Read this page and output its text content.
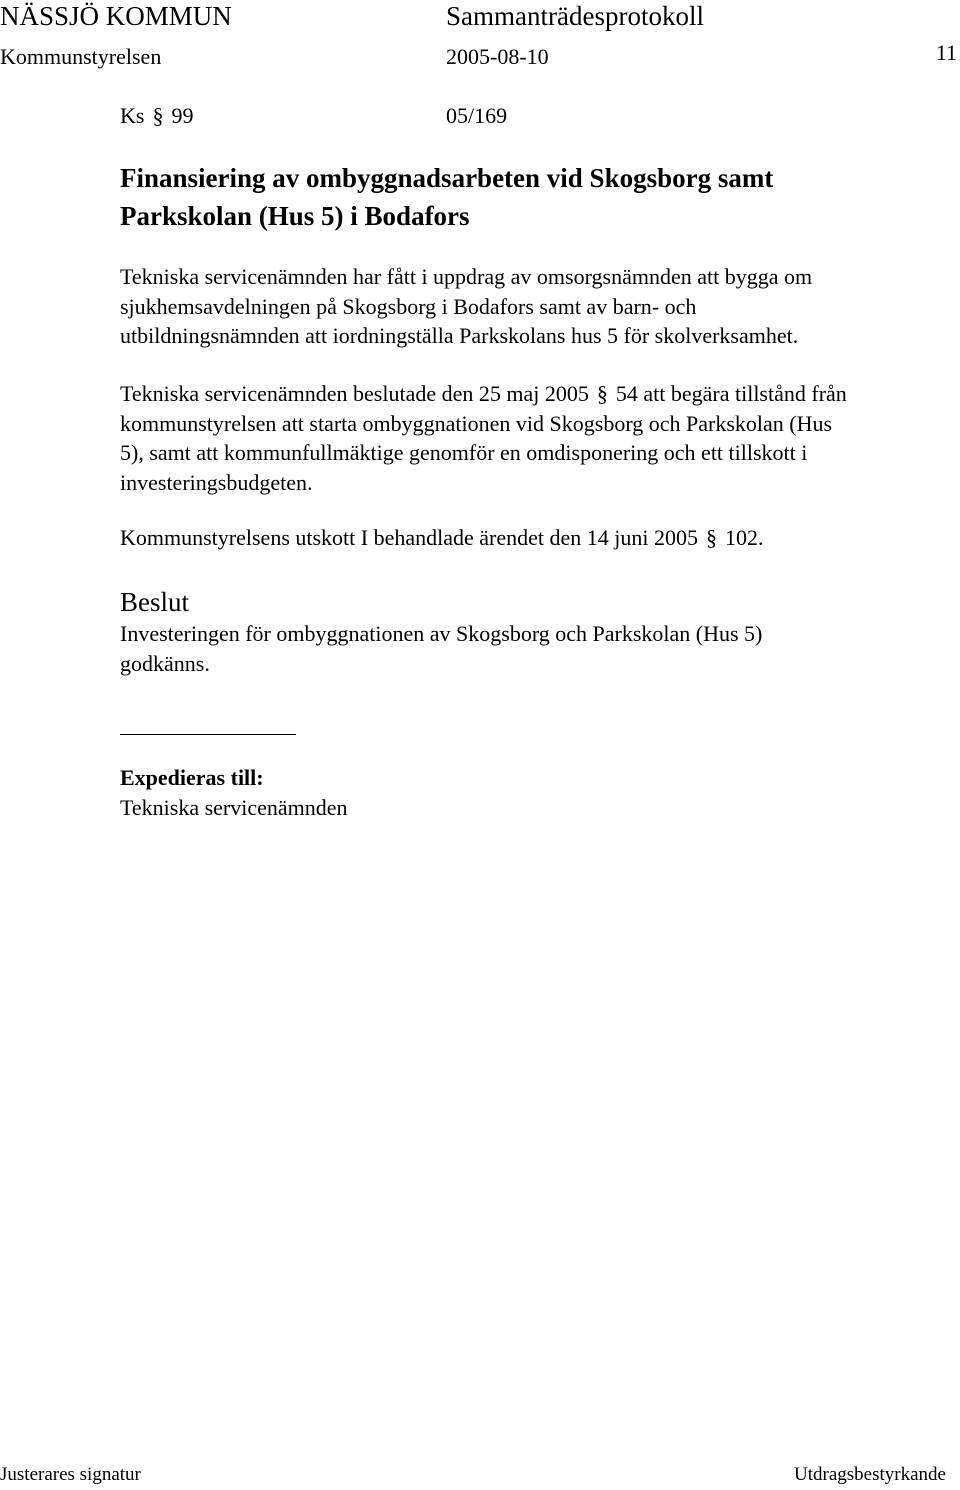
NÄSSJÖ KOMMUN	Sammanträdesprotokoll
Kommunstyrelsen	2005-08-10	11
Ks § 99	05/169
Finansiering av ombyggnadsarbeten vid Skogsborg samt
Parkskolan (Hus 5) i Bodafors

Tekniska servicenämnden har fått i uppdrag av omsorgsnämnden att bygga om
sjukhemsavdelningen på Skogsborg i Bodafors samt av barn- och
utbildningsnämnden att iordningställa Parkskolans hus 5 för skolverksamhet.

Tekniska servicenämnden beslutade den 25 maj 2005 § 54 att begära tillstånd från
kommunstyrelsen att starta ombyggnationen vid Skogsborg och Parkskolan (Hus
5), samt att kommunfullmäktige genomför en omdisponering och ett tillskott i
investeringsbudgeten.

Kommunstyrelsens utskott I behandlade ärendet den 14 juni 2005 § 102.

Beslut

Investeringen för ombyggnationen av Skogsborg och Parkskolan (Hus 5)
godkänns.

Expedieras till:
Tekniska servicenämnden
Justerares signatur	Utdragsbestyrkande
